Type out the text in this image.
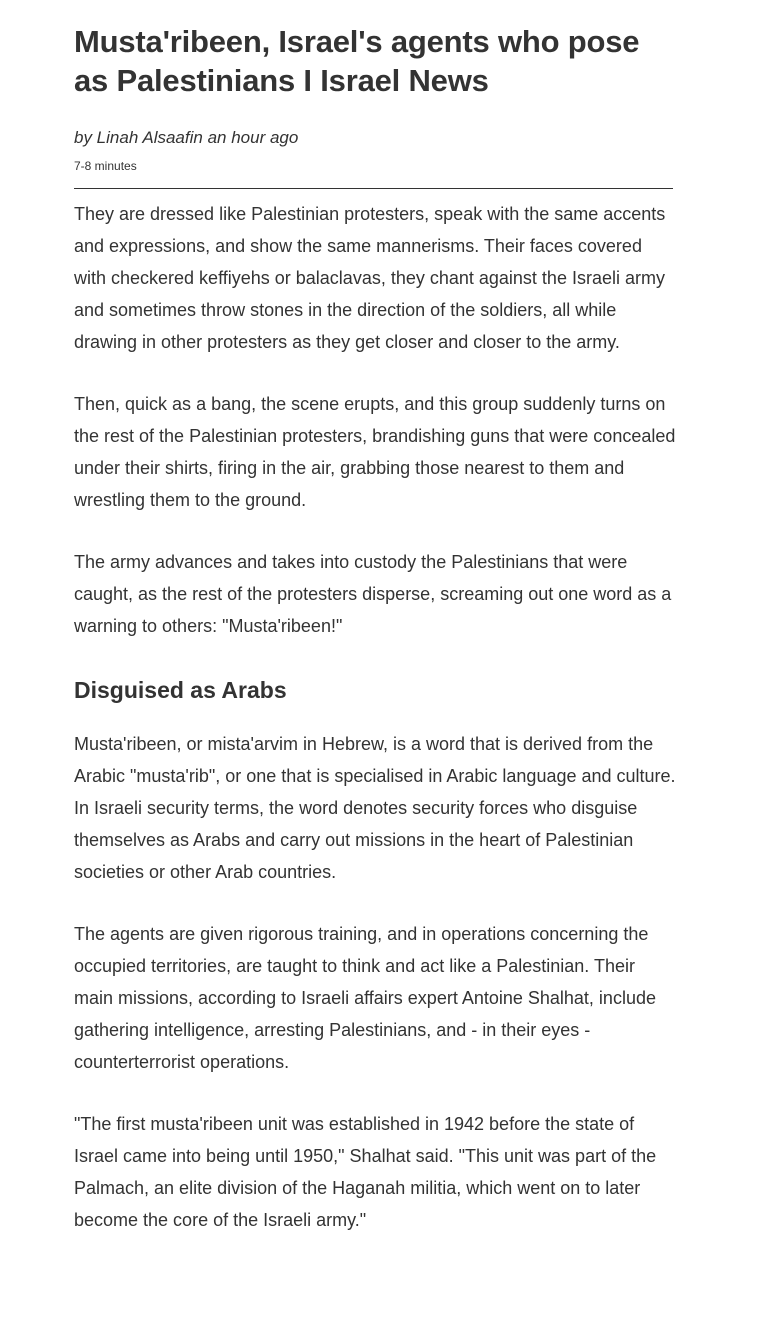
Musta'ribeen, Israel's agents who pose as Palestinians I Israel News

by Linah Alsaafin an hour ago

7-8 minutes

They are dressed like Palestinian protesters, speak with the same accents and expressions, and show the same mannerisms. Their faces covered with checkered keffiyehs or balaclavas, they chant against the Israeli army and sometimes throw stones in the direction of the soldiers, all while drawing in other protesters as they get closer and closer to the army.

Then, quick as a bang, the scene erupts, and this group suddenly turns on the rest of the Palestinian protesters, brandishing guns that were concealed under their shirts, firing in the air, grabbing those nearest to them and wrestling them to the ground.

The army advances and takes into custody the Palestinians that were caught, as the rest of the protesters disperse, screaming out one word as a warning to others: "Musta'ribeen!"

Disguised as Arabs

Musta'ribeen, or mista'arvim in Hebrew, is a word that is derived from the Arabic "musta'rib", or one that is specialised in Arabic language and culture. In Israeli security terms, the word denotes security forces who disguise themselves as Arabs and carry out missions in the heart of Palestinian societies or other Arab countries.

The agents are given rigorous training, and in operations concerning the occupied territories, are taught to think and act like a Palestinian. Their main missions, according to Israeli affairs expert Antoine Shalhat, include gathering intelligence, arresting Palestinians, and - in their eyes - counterterrorist operations.

"The first musta'ribeen unit was established in 1942 before the state of Israel came into being until 1950," Shalhat said. "This unit was part of the Palmach, an elite division of the Haganah militia, which went on to later become the core of the Israeli army."
